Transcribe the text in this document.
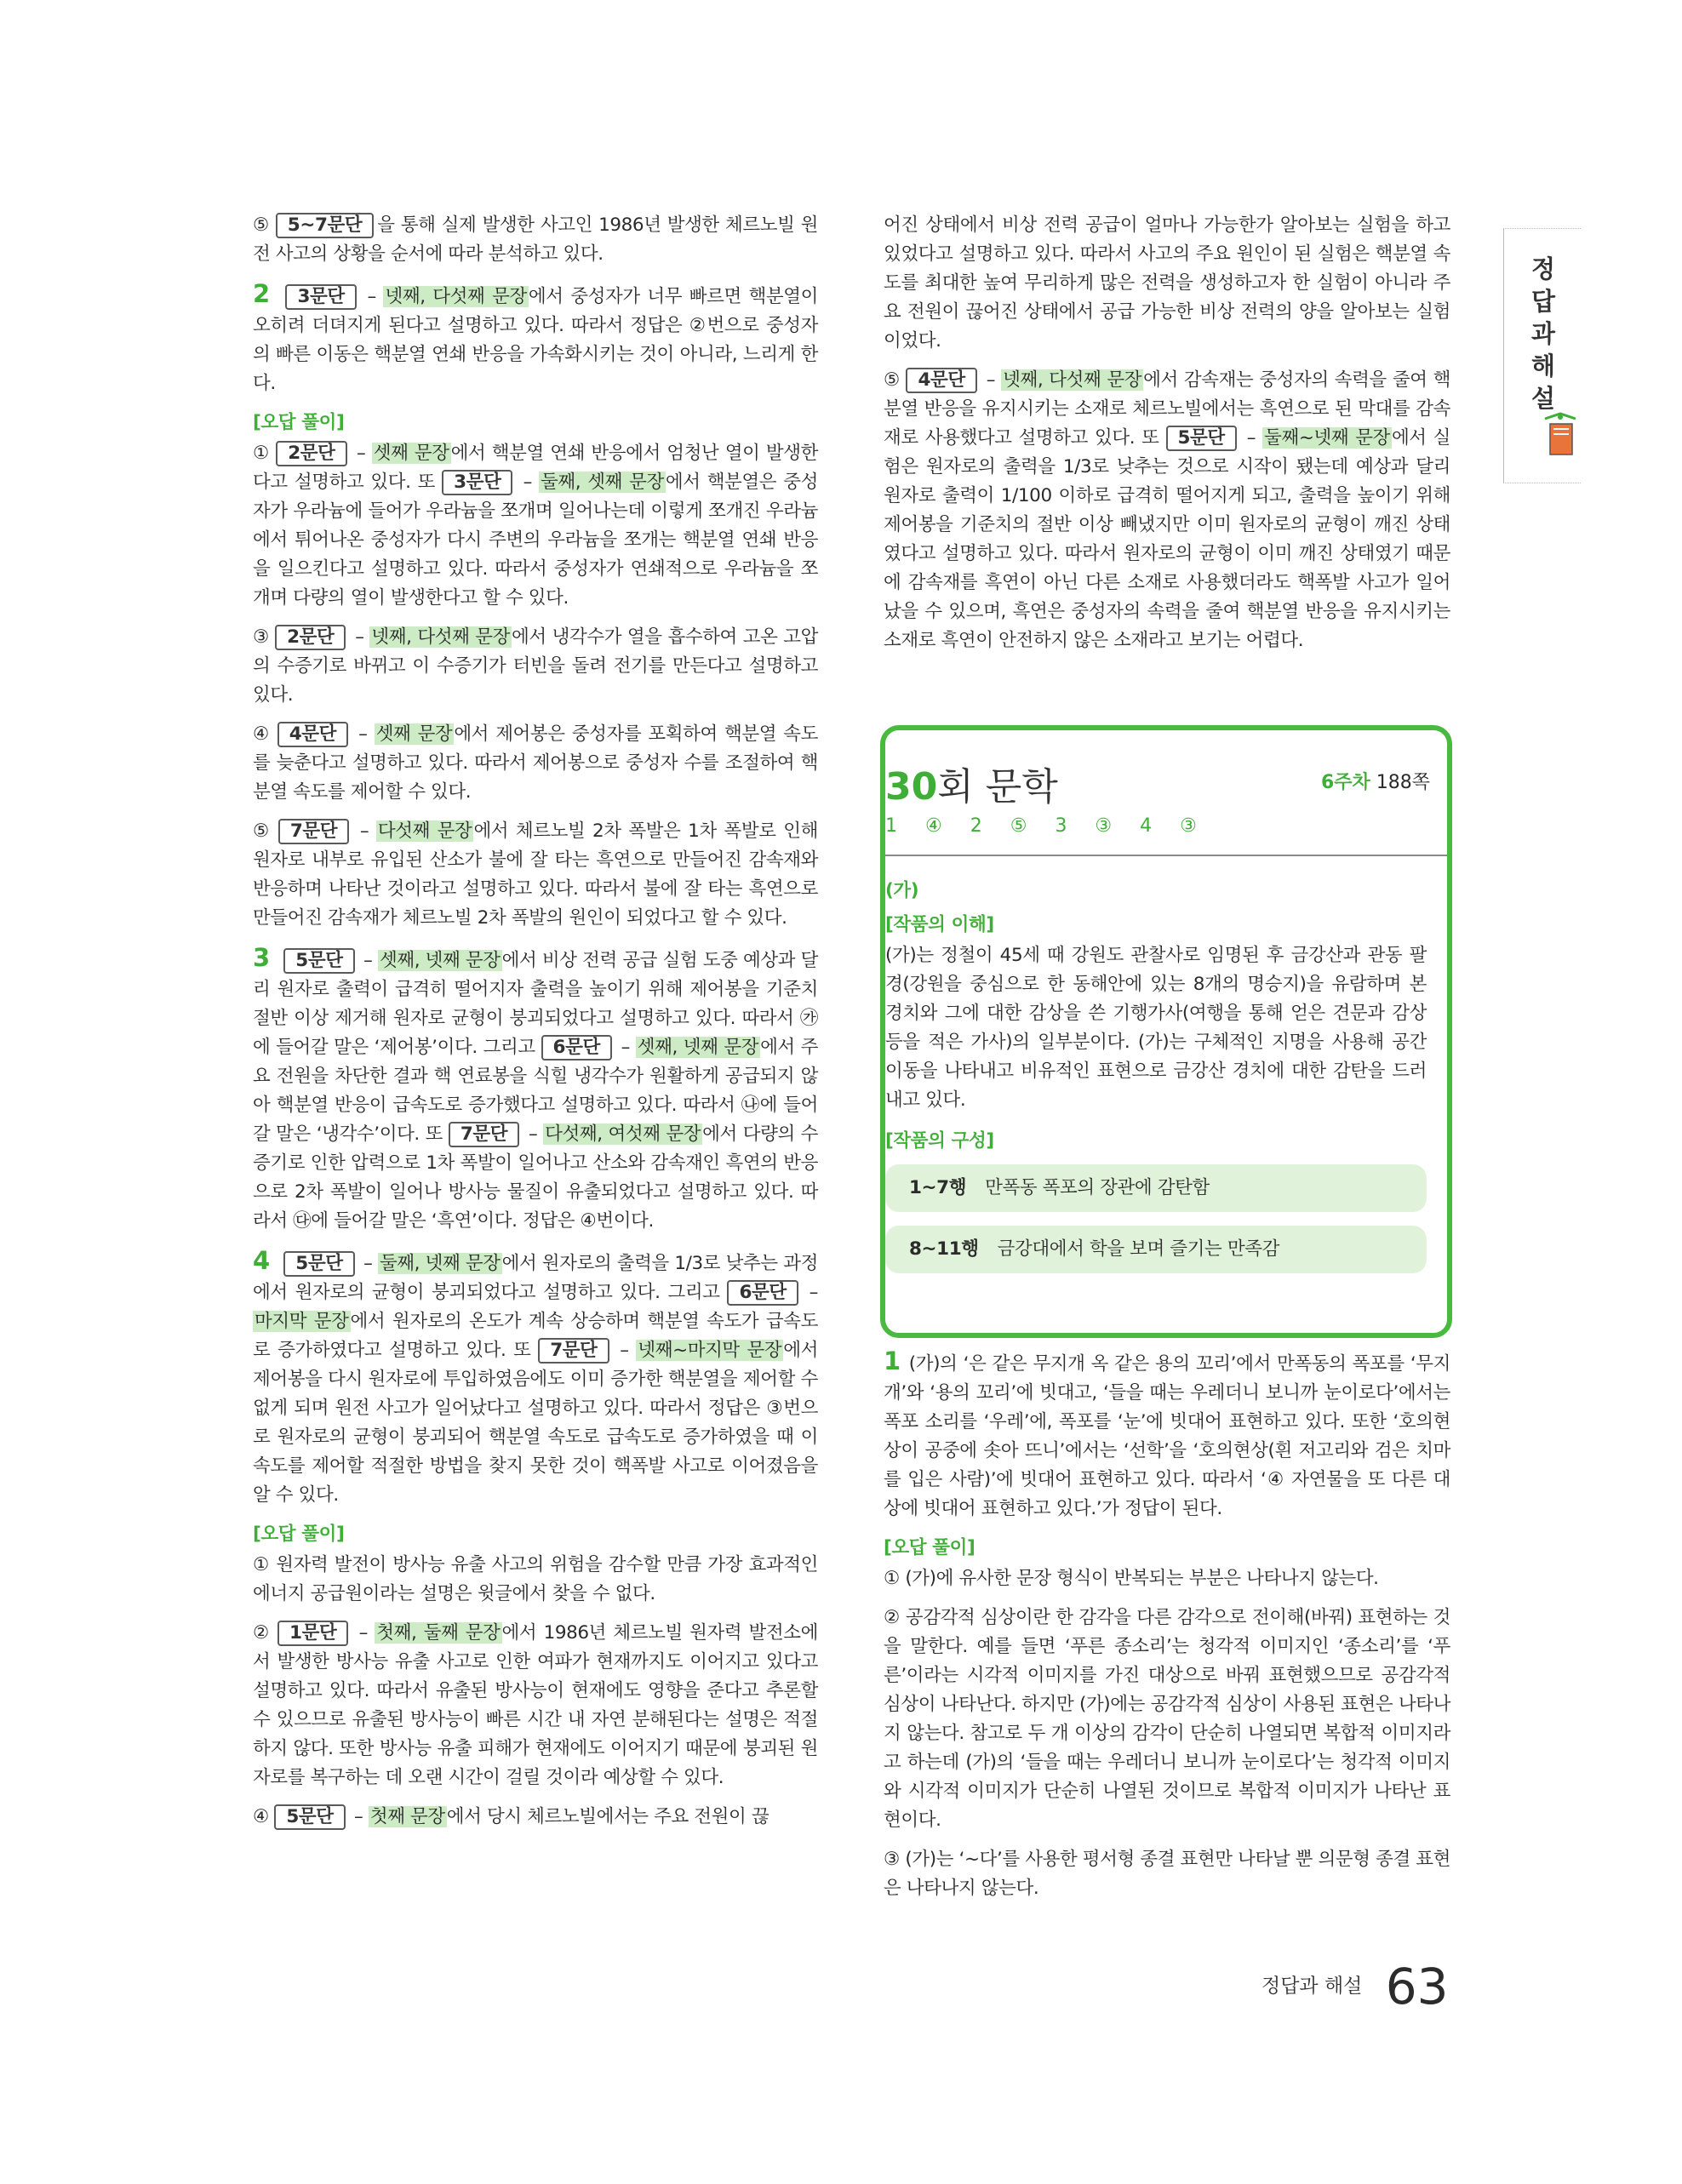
⑤ 5~7문단 을 통해 실제 발생한 사고인 1986년 발생한 체르노빌 원전 사고의 상황을 순서에 따라 분석하고 있다.

2 3문단 – 넷째, 다섯째 문장에서 중성자가 너무 빠르면 핵분열이 오히려 더뎌지게 된다고 설명하고 있다. 따라서 정답은 ②번으로 중성자의 빠른 이동은 핵분열 연쇄 반응을 가속화시키는 것이 아니라, 느리게 한다.

[오답 풀이]

① 2문단 – 셋째 문장에서 핵분열 연쇄 반응에서 엄청난 열이 발생한다고 설명하고 있다. 또 3문단 – 둘째, 셋째 문장에서 핵분열은 중성자가 우라늄에 들어가 우라늄을 쪼개며 일어나는데 이렇게 쪼개진 우라늄에서 튀어나온 중성자가 다시 주변의 우라늄을 쪼개는 핵분열 연쇄 반응을 일으킨다고 설명하고 있다. 따라서 중성자가 연쇄적으로 우라늄을 쪼개며 다량의 열이 발생한다고 할 수 있다.

③ 2문단 – 넷째, 다섯째 문장에서 냉각수가 열을 흡수하여 고온 고압의 수증기로 바뀌고 이 수증기가 터빈을 돌려 전기를 만든다고 설명하고 있다.

④ 4문단 – 셋째 문장에서 제어봉은 중성자를 포획하여 핵분열 속도를 늦춘다고 설명하고 있다. 따라서 제어봉으로 중성자 수를 조절하여 핵분열 속도를 제어할 수 있다.

⑤ 7문단 – 다섯째 문장에서 체르노빌 2차 폭발은 1차 폭발로 인해 원자로 내부로 유입된 산소가 불에 잘 타는 흑연으로 만들어진 감속재와 반응하며 나타난 것이라고 설명하고 있다. 따라서 불에 잘 타는 흑연으로 만들어진 감속재가 체르노빌 2차 폭발의 원인이 되었다고 할 수 있다.

3 5문단 – 셋째, 넷째 문장에서 비상 전력 공급 실험 도중 예상과 달리 원자로 출력이 급격히 떨어지자 출력을 높이기 위해 제어봉을 기준치 절반 이상 제거해 원자로 균형이 붕괴되었다고 설명하고 있다. 따라서 ㉮에 들어갈 말은 ‘제어봉’이다. 그리고 6문단 – 셋째, 넷째 문장에서 주요 전원을 차단한 결과 핵 연료봉을 식힐 냉각수가 원활하게 공급되지 않아 핵분열 반응이 급속도로 증가했다고 설명하고 있다. 따라서 ㉯에 들어갈 말은 ‘냉각수’이다. 또 7문단 – 다섯째, 여섯째 문장에서 다량의 수증기로 인한 압력으로 1차 폭발이 일어나고 산소와 감속재인 흑연의 반응으로 2차 폭발이 일어나 방사능 물질이 유출되었다고 설명하고 있다. 따라서 ㉰에 들어갈 말은 ‘흑연’이다. 정답은 ④번이다.

4 5문단 – 둘째, 넷째 문장에서 원자로의 출력을 1/3로 낮추는 과정에서 원자로의 균형이 붕괴되었다고 설명하고 있다. 그리고 6문단 – 마지막 문장에서 원자로의 온도가 계속 상승하며 핵분열 속도가 급속도로 증가하였다고 설명하고 있다. 또 7문단 – 넷째~마지막 문장에서 제어봉을 다시 원자로에 투입하였음에도 이미 증가한 핵분열을 제어할 수 없게 되며 원전 사고가 일어났다고 설명하고 있다. 따라서 정답은 ③번으로 원자로의 균형이 붕괴되어 핵분열 속도로 급속도로 증가하였을 때 이 속도를 제어할 적절한 방법을 찾지 못한 것이 핵폭발 사고로 이어졌음을 알 수 있다.

[오답 풀이]

① 원자력 발전이 방사능 유출 사고의 위험을 감수할 만큼 가장 효과적인 에너지 공급원이라는 설명은 윗글에서 찾을 수 없다.

② 1문단 – 첫째, 둘째 문장에서 1986년 체르노빌 원자력 발전소에서 발생한 방사능 유출 사고로 인한 여파가 현재까지도 이어지고 있다고 설명하고 있다. 따라서 유출된 방사능이 현재에도 영향을 준다고 추론할 수 있으므로 유출된 방사능이 빠른 시간 내 자연 분해된다는 설명은 적절하지 않다. 또한 방사능 유출 피해가 현재에도 이어지기 때문에 붕괴된 원자로를 복구하는 데 오랜 시간이 걸릴 것이라 예상할 수 있다.

④ 5문단 – 첫째 문장에서 당시 체르노빌에서는 주요 전원이 끊

어진 상태에서 비상 전력 공급이 얼마나 가능한가 알아보는 실험을 하고 있었다고 설명하고 있다. 따라서 사고의 주요 원인이 된 실험은 핵분열 속도를 최대한 높여 무리하게 많은 전력을 생성하고자 한 실험이 아니라 주요 전원이 끊어진 상태에서 공급 가능한 비상 전력의 양을 알아보는 실험이었다.

⑤ 4문단 – 넷째, 다섯째 문장에서 감속재는 중성자의 속력을 줄여 핵분열 반응을 유지시키는 소재로 체르노빌에서는 흑연으로 된 막대를 감속재로 사용했다고 설명하고 있다. 또 5문단 – 둘째~넷째 문장에서 실험은 원자로의 출력을 1/3로 낮추는 것으로 시작이 됐는데 예상과 달리 원자로 출력이 1/100 이하로 급격히 떨어지게 되고, 출력을 높이기 위해 제어봉을 기준치의 절반 이상 빼냈지만 이미 원자로의 균형이 깨진 상태였다고 설명하고 있다. 따라서 원자로의 균형이 이미 깨진 상태였기 때문에 감속재를 흑연이 아닌 다른 소재로 사용했더라도 핵폭발 사고가 일어났을 수 있으며, 흑연은 중성자의 속력을 줄여 핵분열 반응을 유지시키는 소재로 흑연이 안전하지 않은 소재라고 보기는 어렵다.

30회 문학	6주차 188쪽
1 ④ 2 ⑤ 3 ③ 4 ③
(가)
[작품의 이해]

(가)는 정철이 45세 때 강원도 관찰사로 임명된 후 금강산과 관동 팔경(강원을 중심으로 한 동해안에 있는 8개의 명승지)을 유람하며 본 경치와 그에 대한 감상을 쓴 기행가사(여행을 통해 얻은 견문과 감상 등을 적은 가사)의 일부분이다. (가)는 구체적인 지명을 사용해 공간 이동을 나타내고 비유적인 표현으로 금강산 경치에 대한 감탄을 드러내고 있다.

[작품의 구성]
1~7행 만폭동 폭포의 장관에 감탄함
8~11행 금강대에서 학을 보며 즐기는 만족감

1 (가)의 ‘은 같은 무지개 옥 같은 용의 꼬리’에서 만폭동의 폭포를 ‘무지개’와 ‘용의 꼬리’에 빗대고, ‘들을 때는 우레더니 보니까 눈이로다’에서는 폭포 소리를 ‘우레’에, 폭포를 ‘눈’에 빗대어 표현하고 있다. 또한 ‘호의현상이 공중에 솟아 뜨니’에서는 ‘선학’을 ‘호의현상(흰 저고리와 검은 치마를 입은 사람)’에 빗대어 표현하고 있다. 따라서 ‘④ 자연물을 또 다른 대상에 빗대어 표현하고 있다.’가 정답이 된다.

[오답 풀이]

① (가)에 유사한 문장 형식이 반복되는 부분은 나타나지 않는다.

② 공감각적 심상이란 한 감각을 다른 감각으로 전이해(바꿔) 표현하는 것을 말한다. 예를 들면 ‘푸른 종소리’는 청각적 이미지인 ‘종소리’를 ‘푸른’이라는 시각적 이미지를 가진 대상으로 바꿔 표현했으므로 공감각적 심상이 나타난다. 하지만 (가)에는 공감각적 심상이 사용된 표현은 나타나지 않는다. 참고로 두 개 이상의 감각이 단순히 나열되면 복합적 이미지라고 하는데 (가)의 ‘들을 때는 우레더니 보니까 눈이로다’는 청각적 이미지와 시각적 이미지가 단순히 나열된 것이므로 복합적 이미지가 나타난 표현이다.

③ (가)는 ‘~다’를 사용한 평서형 종결 표현만 나타날 뿐 의문형 종결 표현은 나타나지 않는다.

정답과 해설
정답과 해설 63
